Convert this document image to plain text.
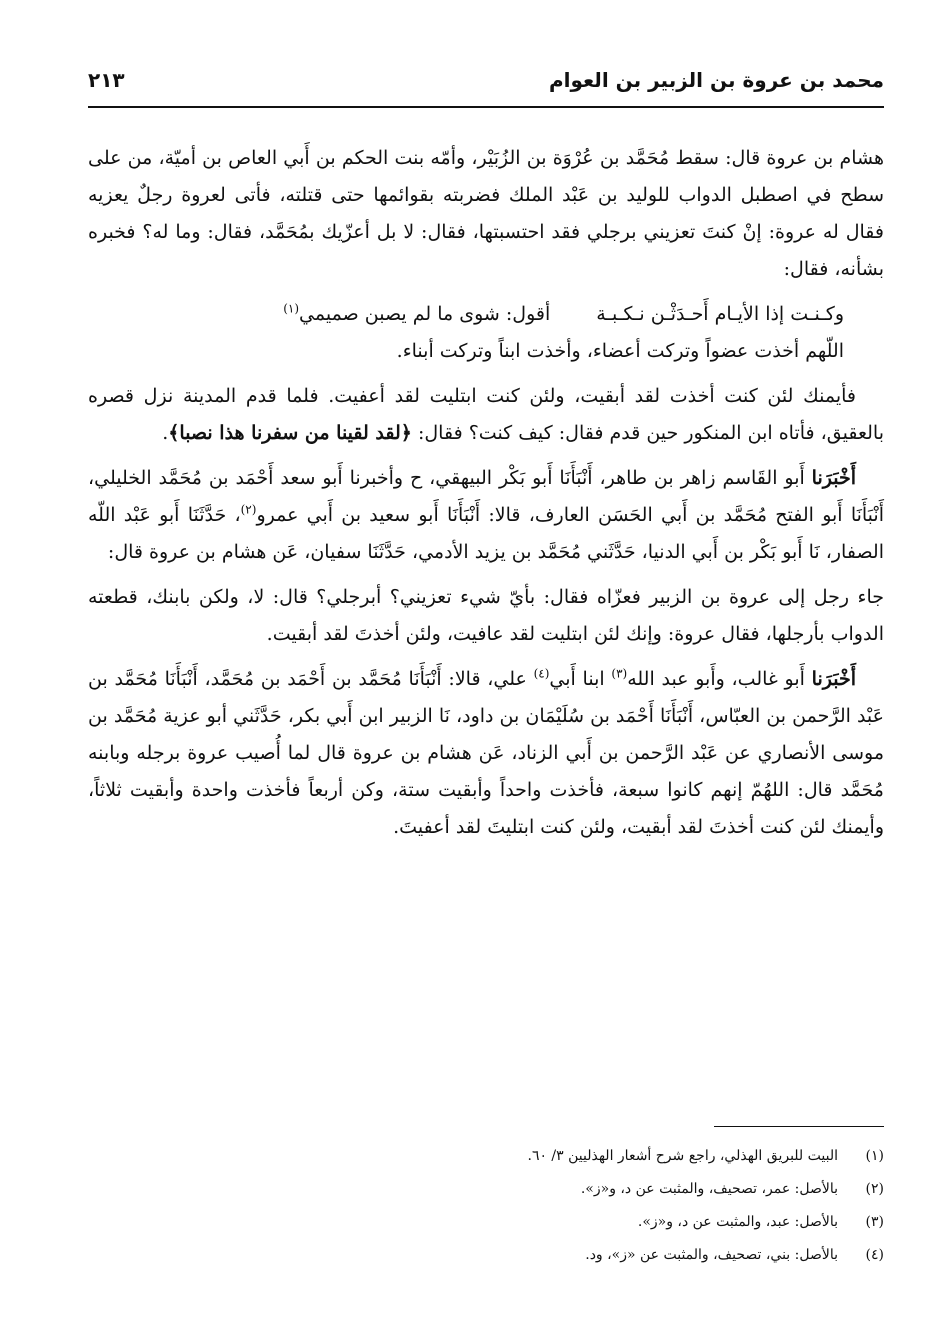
محمد بن عروة بن الزبير بن العوام
٢١٣

هشام بن عروة قال: سقط مُحَمَّد بن عُرْوَة بن الزُبَيْر، وأمّه بنت الحكم بن أَبي العاص بن أميّة، من على سطح في اصطبل الدواب للوليد بن عَبْد الملك فضربته بقوائمها حتى قتلته، فأتى لعروة رجلٌ يعزيه فقال له عروة: إنْ كنتَ تعزيني برجلي فقد احتسبتها، فقال: لا بل أعزّيك بمُحَمَّد، فقال: وما له؟ فخبره بشأنه، فقال:

وكـنـت إذا الأيـام أَحـدَثْـن نـكـبـة
أقول: شوى ما لم يصبن صميمي$^{(١)}$
اللّهم أخذت عضواً وتركت أعضاء، وأخذت ابناً وتركت أبناء.

فأيمنك لئن كنت أخذت لقد أبقيت، ولئن كنت ابتليت لقد أعفيت. فلما قدم المدينة نزل قصره بالعقيق، فأتاه ابن المنكور حين قدم فقال: كيف كنت؟ فقال: ﴿لقد لقينا من سفرنا هذا نصبا﴾.

أَخْبَرَنا أَبو القَاسم زاهر بن طاهر، أَنْبَأَنَا أَبو بَكْر البيهقي، ح وأخبرنا أَبو سعد أَحْمَد بن مُحَمَّد الخليلي، أَنْبَأَنَا أَبو الفتح مُحَمَّد بن أَبي الحَسَن العارف، قالا: أَنْبَأَنَا أَبو سعيد بن أَبي عمرو$^{(٢)}$، حَدَّثَنَا أَبو عَبْد اللّه الصفار، نَا أَبو بَكْر بن أَبي الدنيا، حَدَّثَني مُحَمَّد بن يزيد الأدمي، حَدَّثَنَا سفيان، عَن هشام بن عروة قال:

جاء رجل إلى عروة بن الزبير فعزّاه فقال: بأيّ شيء تعزيني؟ أبرجلي؟ قال: لا، ولكن بابنك، قطعته الدواب بأرجلها، فقال عروة: وإنك لئن ابتليت لقد عافيت، ولئن أخذتَ لقد أبقيت.

أَخْبَرَنا أَبو غالب، وأَبو عبد الله$^{(٣)}$ ابنا أَبي$^{(٤)}$ علي، قالا: أَنْبَأَنَا مُحَمَّد بن أَحْمَد بن مُحَمَّد، أَنْبَأَنَا مُحَمَّد بن عَبْد الرَّحمن بن العبّاس، أَنْبَأَنَا أَحْمَد بن سُلَيْمَان بن داود، نَا الزبير ابن أَبي بكر، حَدَّثَني أبو عزية مُحَمَّد بن موسى الأنصاري عن عَبْد الرَّحمن بن أَبي الزناد، عَن هشام بن عروة قال لما أُصيب عروة برجله وبابنه مُحَمَّد قال: اللهُمّ إنهم كانوا سبعة، فأخذت واحداً وأبقيت ستة، وكن أربعاً فأخذت واحدة وأبقيت ثلاثاً، وأيمنك لئن كنت أخذتَ لقد أبقيت، ولئن كنت ابتليتَ لقد أعفيتَ.

(١)
البيت للبريق الهذلي، راجع شرح أشعار الهذليين ٣/ ٦٠.
(٢)
بالأصل: عمر، تصحيف، والمثبت عن د، و«ز».
(٣)
بالأصل: عبد، والمثبت عن د، و«ز».
(٤)
بالأصل: بني، تصحيف، والمثبت عن «ز»، ود.
